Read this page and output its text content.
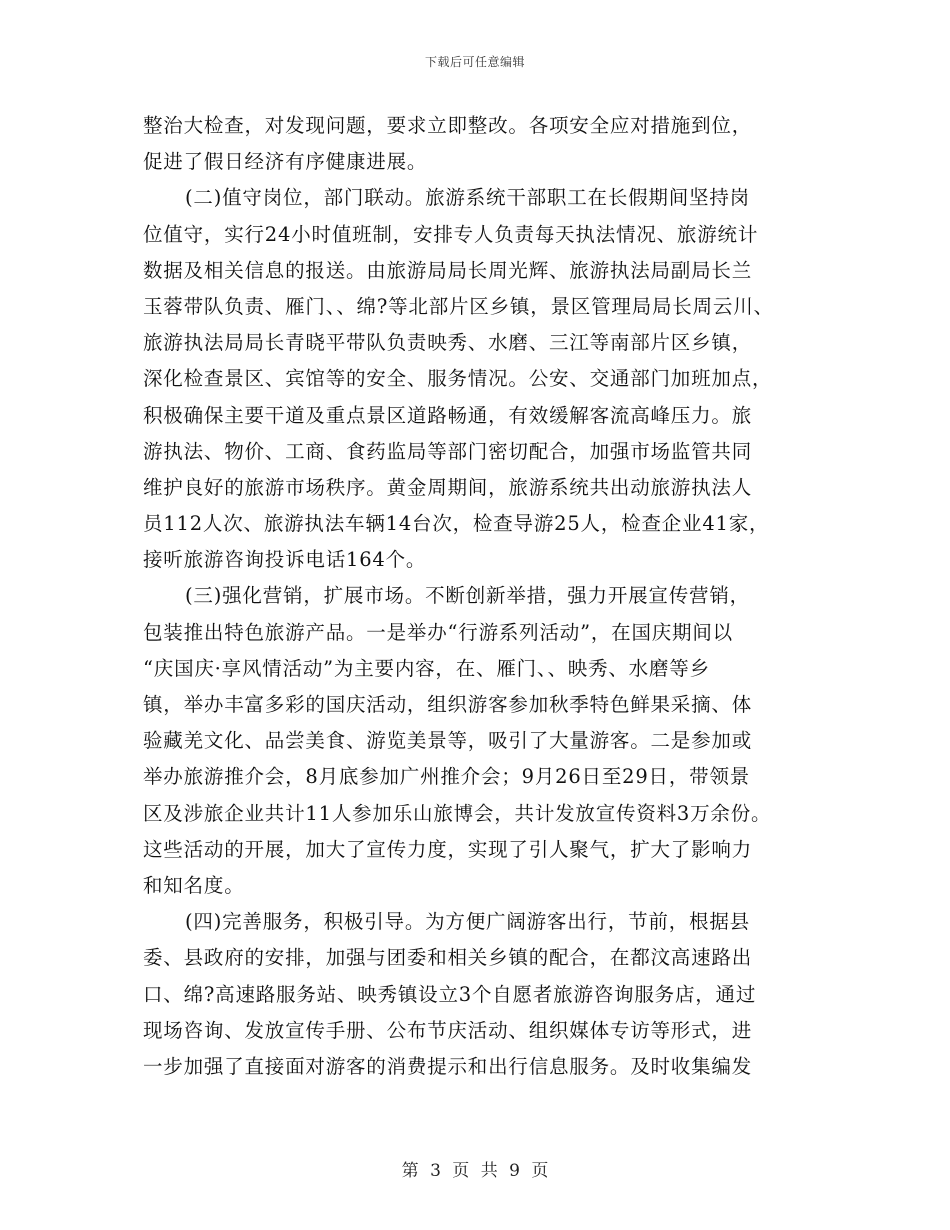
下载后可任意编辑
整治大检查，对发现问题，要求立即整改。各项安全应对措施到位，
促进了假日经济有序健康进展。
(二)值守岗位，部门联动。旅游系统干部职工在长假期间坚持岗
位值守，实行24小时值班制，安排专人负责每天执法情况、旅游统计
数据及相关信息的报送。由旅游局局长周光辉、旅游执法局副局长兰
玉蓉带队负责、雁门、、绵?等北部片区乡镇，景区管理局局长周云川、
旅游执法局局长青晓平带队负责映秀、水磨、三江等南部片区乡镇，
深化检查景区、宾馆等的安全、服务情况。公安、交通部门加班加点，
积极确保主要干道及重点景区道路畅通，有效缓解客流高峰压力。旅
游执法、物价、工商、食药监局等部门密切配合，加强市场监管共同
维护良好的旅游市场秩序。黄金周期间，旅游系统共出动旅游执法人
员112人次、旅游执法车辆14台次，检查导游25人，检查企业41家，
接听旅游咨询投诉电话164个。
(三)强化营销，扩展市场。不断创新举措，强力开展宣传营销，
包装推出特色旅游产品。一是举办“行游系列活动”，在国庆期间以
“庆国庆·享风情活动”为主要内容，在、雁门、、映秀、水磨等乡
镇，举办丰富多彩的国庆活动，组织游客参加秋季特色鲜果采摘、体
验藏羌文化、品尝美食、游览美景等，吸引了大量游客。二是参加或
举办旅游推介会，8月底参加广州推介会；9月26日至29日，带领景
区及涉旅企业共计11人参加乐山旅博会，共计发放宣传资料3万余份。
这些活动的开展，加大了宣传力度，实现了引人聚气，扩大了影响力
和知名度。
(四)完善服务，积极引导。为方便广阔游客出行，节前，根据县
委、县政府的安排，加强与团委和相关乡镇的配合，在都汶高速路出
口、绵?高速路服务站、映秀镇设立3个自愿者旅游咨询服务店，通过
现场咨询、发放宣传手册、公布节庆活动、组织媒体专访等形式，进
一步加强了直接面对游客的消费提示和出行信息服务。及时收集编发
第 3 页 共 9 页
